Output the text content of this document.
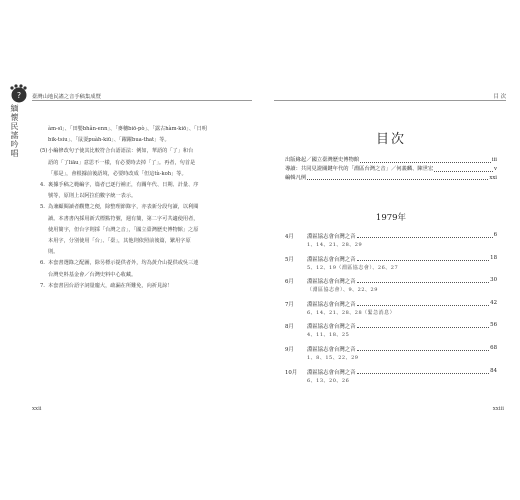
?
緬懷民謠吟唱
臺灣山地民謠之音手稿集成暨

àm-sī」、「田嬰bhân-enn」、「麥穗biō-pò」、「露古hàm-kiō」、「日明

bik-tsiu」、「鼠耍puàh-kiū」、「躍躍bua-that」等。

(5) 小編修改句子使其比較符合台語語法：例如，華語的「了」和台

語的「了liāu」意思不一樣，有必要時去掉「了」。再者，句首是

「那是」，會根據前後語境，必要時改成「但這tù-koh」等。

4. 裏據手稿之範編字，篇者已逐行補正，有關年代、日期、計量、序

號等，原則上以阿拉伯數字統一表示。

5. 為兼顧閱讀者觀覽之便，除整理節錄字，亦表新分段句讀，以利閱

讀。本書書內採用新式標點符號，週有簡，第二字可共適使用者，

使用簡字，但台字則採「台灣之音」，「國立臺灣歷史博物館」之原

本用字，分別使用「台」、「臺」，其他則依照前後篇，繁用字原

則。

6. 本套書選錄之配圖，除另標示提供者外，均為黃介山提供或吳三連

台灣史料基金會／台灣史料中心收藏。

7. 本套書因台語字詞量龐大，疏漏在所難免，向祈見諒！
xxii
目 次
目次
出版緣起／國立臺灣歷史博物館	iii
導讀：共同見證關鍵年代的「淵區台灣之音」／何義麟、陳世宏	v
編輯凡例	xxi
1979年
4月	淵區協志會台灣之音	6
1、14、21、28、29
5月	淵區協志會台灣之音	18
5、12、19（淵區協志會）、26、27
6月	淵區協志會台灣之音	30
（淵區協志會）、9、22、29
7月	淵區協志會台灣之音	42
6、14、21、28、28（緊急消息）
8月	淵區協志會台灣之音	56
4、11、18、25
9月	淵區協志會台灣之音	68
1、8、15、22、29
10月	淵區協志會台灣之音	84
6、13、20、26
xxiii
